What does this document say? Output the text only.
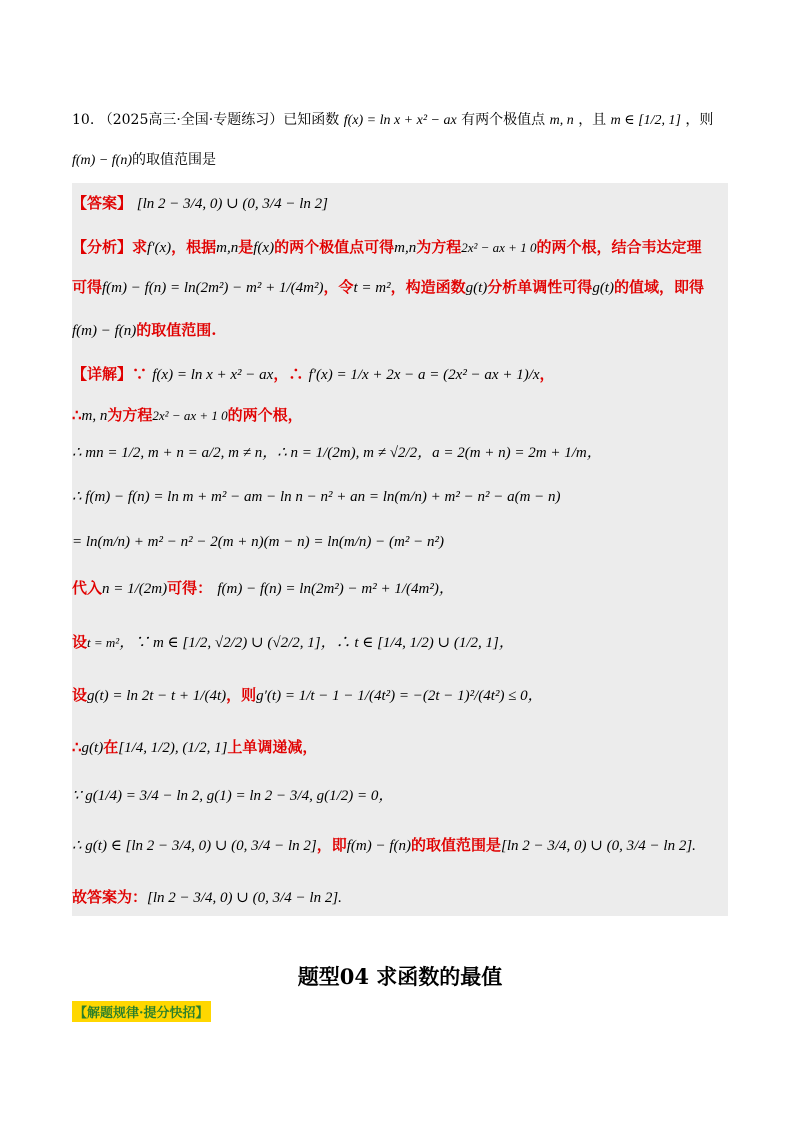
10. （2025高三·全国·专题练习）已知函数 f(x) = ln x + x² − ax 有两个极值点 m, n ，且 m ∈ [1/2, 1] ，则
f(m) − f(n)的取值范围是
【答案】 [ln 2 − 3/4, 0) ∪ (0, 3/4 − ln 2]
【分析】求f′(x)，根据m,n是f(x)的两个极值点可得m,n为方程2x² − ax + 1 0的两个根，结合韦达定理
可得f(m) − f(n) = ln(2m²) − m² + 1/(4m²)，令t = m²，构造函数g(t)分析单调性可得g(t)的值域，即得
f(m) − f(n)的取值范围.
【详解】∵ f(x) = ln x + x² − ax，∴ f′(x) = 1/x + 2x − a = (2x² − ax + 1)/x，
∴m, n为方程2x² − ax + 1 0的两个根，
∴ mn = 1/2, m + n = a/2, m ≠ n，∴ n = 1/(2m), m ≠ √2/2，a = 2(m + n) = 2m + 1/m，
∴ f(m) − f(n) = ln m + m² − am − ln n − n² + an = ln(m/n) + m² − n² − a(m − n)
= ln(m/n) + m² − n² − 2(m + n)(m − n) = ln(m/n) − (m² − n²)
代入n = 1/(2m)可得： f(m) − f(n) = ln(2m²) − m² + 1/(4m²)，
设t = m²，∵ m ∈ [1/2, √2/2) ∪ (√2/2, 1]，∴ t ∈ [1/4, 1/2) ∪ (1/2, 1]，
设g(t) = ln 2t − t + 1/(4t)，则g′(t) = 1/t − 1 − 1/(4t²) = −(2t − 1)²/(4t²) ≤ 0，
∴g(t)在[1/4, 1/2), (1/2, 1]上单调递减，
∵ g(1/4) = 3/4 − ln 2, g(1) = ln 2 − 3/4, g(1/2) = 0，
∴ g(t) ∈ [ln 2 − 3/4, 0) ∪ (0, 3/4 − ln 2]，即f(m) − f(n)的取值范围是[ln 2 − 3/4, 0) ∪ (0, 3/4 − ln 2].
故答案为：[ln 2 − 3/4, 0) ∪ (0, 3/4 − ln 2].
题型04 求函数的最值
【解题规律·提分快招】
